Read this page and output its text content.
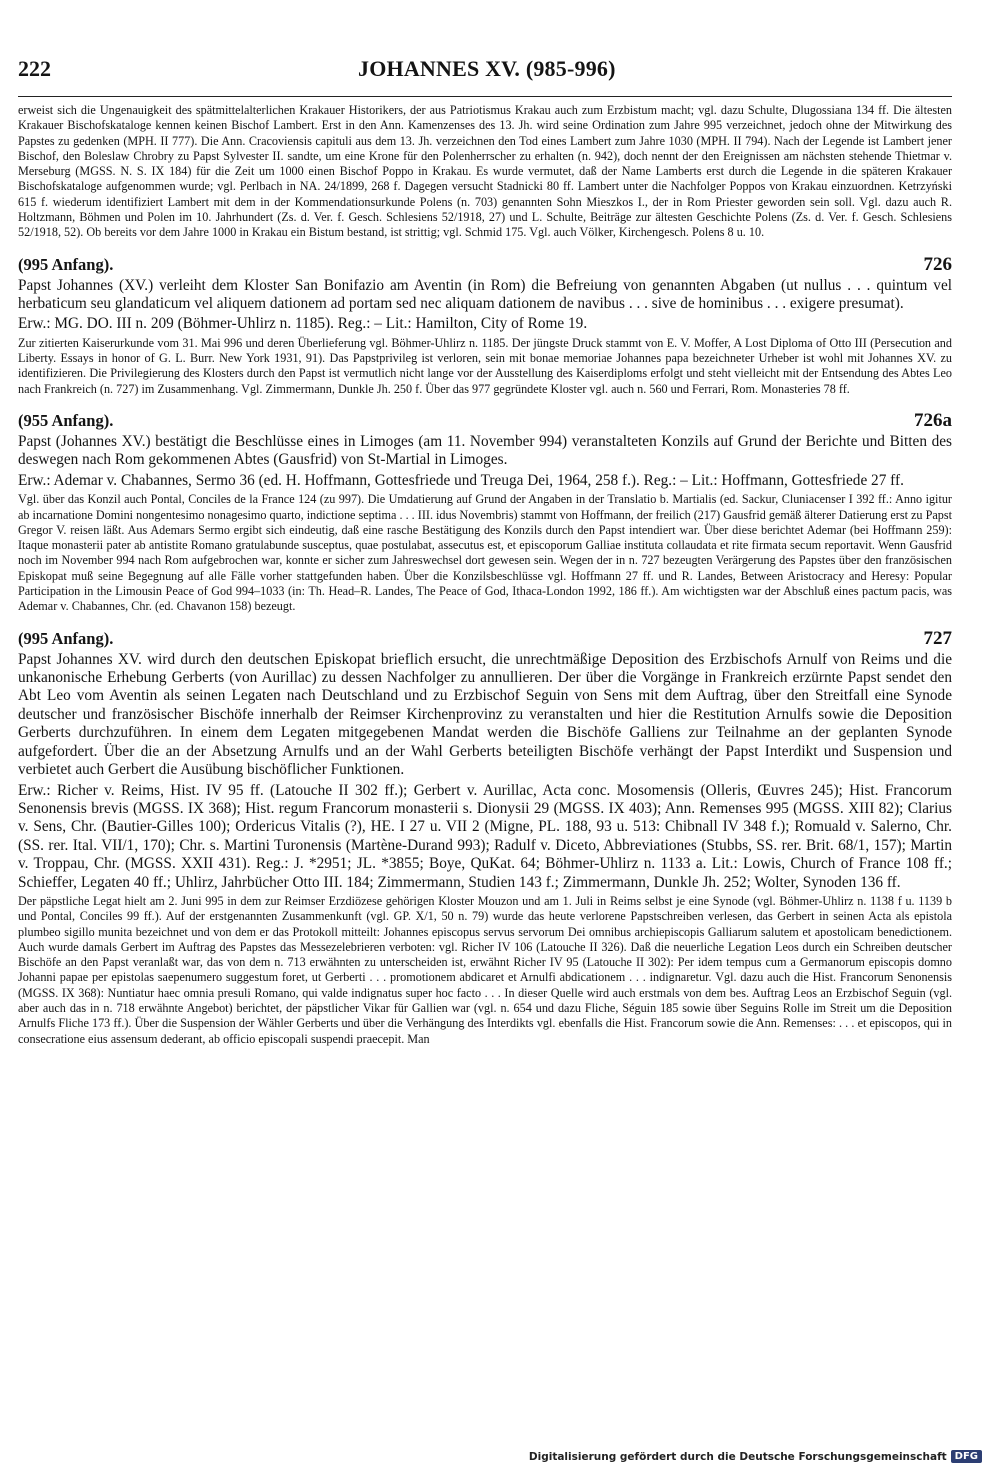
222	JOHANNES XV. (985-996)

erweist sich die Ungenauigkeit des spätmittelalterlichen Krakauer Historikers, der aus Patriotismus Krakau auch zum Erzbistum macht; vgl. dazu Schulte, Dlugossiana 134 ff. Die ältesten Krakauer Bischofskataloge kennen keinen Bischof Lambert. Erst in den Ann. Kamenzenses des 13. Jh. wird seine Ordination zum Jahre 995 verzeichnet, jedoch ohne der Mitwirkung des Papstes zu gedenken (MPH. II 777). Die Ann. Cracoviensis capituli aus dem 13. Jh. verzeichnen den Tod eines Lambert zum Jahre 1030 (MPH. II 794). Nach der Legende ist Lambert jener Bischof, den Boleslaw Chrobry zu Papst Sylvester II. sandte, um eine Krone für den Polenherrscher zu erhalten (n. 942), doch nennt der den Ereignissen am nächsten stehende Thietmar v. Merseburg (MGSS. N. S. IX 184) für die Zeit um 1000 einen Bischof Poppo in Krakau. Es wurde vermutet, daß der Name Lamberts erst durch die Legende in die späteren Krakauer Bischofskataloge aufgenommen wurde; vgl. Perlbach in NA. 24/1899, 268 f. Dagegen versucht Stadnicki 80 ff. Lambert unter die Nachfolger Poppos von Krakau einzuordnen. Ketrzyński 615 f. wiederum identifiziert Lambert mit dem in der Kommendationsurkunde Polens (n. 703) genannten Sohn Mieszkos I., der in Rom Priester geworden sein soll. Vgl. dazu auch R. Holtzmann, Böhmen und Polen im 10. Jahrhundert (Zs. d. Ver. f. Gesch. Schlesiens 52/1918, 27) und L. Schulte, Beiträge zur ältesten Geschichte Polens (Zs. d. Ver. f. Gesch. Schlesiens 52/1918, 52). Ob bereits vor dem Jahre 1000 in Krakau ein Bistum bestand, ist strittig; vgl. Schmid 175. Vgl. auch Völker, Kirchengesch. Polens 8 u. 10.

(995 Anfang).	726

Papst Johannes (XV.) verleiht dem Kloster San Bonifazio am Aventin (in Rom) die Befreiung von genannten Abgaben (ut nullus . . . quintum vel herbaticum seu glandaticum vel aliquem dationem ad portam sed nec aliquam dationem de navibus . . . sive de hominibus . . . exigere presumat).

Erw.: MG. DO. III n. 209 (Böhmer-Uhlirz n. 1185). Reg.: – Lit.: Hamilton, City of Rome 19.

Zur zitierten Kaiserurkunde vom 31. Mai 996 und deren Überlieferung vgl. Böhmer-Uhlirz n. 1185. Der jüngste Druck stammt von E. V. Moffer, A Lost Diploma of Otto III (Persecution and Liberty. Essays in honor of G. L. Burr. New York 1931, 91). Das Papstprivileg ist verloren, sein mit bonae memoriae Johannes papa bezeichneter Urheber ist wohl mit Johannes XV. zu identifizieren. Die Privilegierung des Klosters durch den Papst ist vermutlich nicht lange vor der Ausstellung des Kaiserdiploms erfolgt und steht vielleicht mit der Entsendung des Abtes Leo nach Frankreich (n. 727) im Zusammenhang. Vgl. Zimmermann, Dunkle Jh. 250 f. Über das 977 gegründete Kloster vgl. auch n. 560 und Ferrari, Rom. Monasteries 78 ff.

(955 Anfang).	726a

Papst (Johannes XV.) bestätigt die Beschlüsse eines in Limoges (am 11. November 994) veranstalteten Konzils auf Grund der Berichte und Bitten des deswegen nach Rom gekommenen Abtes (Gausfrid) von St-Martial in Limoges.

Erw.: Ademar v. Chabannes, Sermo 36 (ed. H. Hoffmann, Gottesfriede und Treuga Dei, 1964, 258 f.). Reg.: – Lit.: Hoffmann, Gottesfriede 27 ff.

Vgl. über das Konzil auch Pontal, Conciles de la France 124 (zu 997). Die Umdatierung auf Grund der Angaben in der Translatio b. Martialis (ed. Sackur, Cluniacenser I 392 ff.: Anno igitur ab incarnatione Domini nongentesimo nonagesimo quarto, indictione septima . . . III. idus Novembris) stammt von Hoffmann, der freilich (217) Gausfrid gemäß älterer Datierung erst zu Papst Gregor V. reisen läßt. Aus Ademars Sermo ergibt sich eindeutig, daß eine rasche Bestätigung des Konzils durch den Papst intendiert war. Über diese berichtet Ademar (bei Hoffmann 259): Itaque monasterii pater ab antistite Romano gratulabunde susceptus, quae postulabat, assecutus est, et episcoporum Galliae instituta collaudata et rite firmata secum reportavit. Wenn Gausfrid noch im November 994 nach Rom aufgebrochen war, konnte er sicher zum Jahreswechsel dort gewesen sein. Wegen der in n. 727 bezeugten Verärgerung des Papstes über den französischen Episkopat muß seine Begegnung auf alle Fälle vorher stattgefunden haben. Über die Konzilsbeschlüsse vgl. Hoffmann 27 ff. und R. Landes, Between Aristocracy and Heresy: Popular Participation in the Limousin Peace of God 994–1033 (in: Th. Head–R. Landes, The Peace of God, Ithaca-London 1992, 186 ff.). Am wichtigsten war der Abschluß eines pactum pacis, was Ademar v. Chabannes, Chr. (ed. Chavanon 158) bezeugt.

(995 Anfang).	727

Papst Johannes XV. wird durch den deutschen Episkopat brieflich ersucht, die unrechtmäßige Deposition des Erzbischofs Arnulf von Reims und die unkanonische Erhebung Gerberts (von Aurillac) zu dessen Nachfolger zu annullieren. Der über die Vorgänge in Frankreich erzürnte Papst sendet den Abt Leo vom Aventin als seinen Legaten nach Deutschland und zu Erzbischof Seguin von Sens mit dem Auftrag, über den Streitfall eine Synode deutscher und französischer Bischöfe innerhalb der Reimser Kirchenprovinz zu veranstalten und hier die Restitution Arnulfs sowie die Deposition Gerberts durchzuführen. In einem dem Legaten mitgegebenen Mandat werden die Bischöfe Galliens zur Teilnahme an der geplanten Synode aufgefordert. Über die an der Absetzung Arnulfs und an der Wahl Gerberts beteiligten Bischöfe verhängt der Papst Interdikt und Suspension und verbietet auch Gerbert die Ausübung bischöflicher Funktionen.

Erw.: Richer v. Reims, Hist. IV 95 ff. (Latouche II 302 ff.); Gerbert v. Aurillac, Acta conc. Mosomensis (Olleris, Œuvres 245); Hist. Francorum Senonensis brevis (MGSS. IX 368); Hist. regum Francorum monasterii s. Dionysii 29 (MGSS. IX 403); Ann. Remenses 995 (MGSS. XIII 82); Clarius v. Sens, Chr. (Bautier-Gilles 100); Ordericus Vitalis (?), HE. I 27 u. VII 2 (Migne, PL. 188, 93 u. 513: Chibnall IV 348 f.); Romuald v. Salerno, Chr. (SS. rer. Ital. VII/1, 170); Chr. s. Martini Turonensis (Martène-Durand 993); Radulf v. Diceto, Abbreviationes (Stubbs, SS. rer. Brit. 68/1, 157); Martin v. Troppau, Chr. (MGSS. XXII 431). Reg.: J. *2951; JL. *3855; Boye, QuKat. 64; Böhmer-Uhlirz n. 1133 a. Lit.: Lowis, Church of France 108 ff.; Schieffer, Legaten 40 ff.; Uhlirz, Jahrbücher Otto III. 184; Zimmermann, Studien 143 f.; Zimmermann, Dunkle Jh. 252; Wolter, Synoden 136 ff.

Der päpstliche Legat hielt am 2. Juni 995 in dem zur Reimser Erzdiözese gehörigen Kloster Mouzon und am 1. Juli in Reims selbst je eine Synode (vgl. Böhmer-Uhlirz n. 1138 f u. 1139 b und Pontal, Conciles 99 ff.). Auf der erstgenannten Zusammenkunft (vgl. GP. X/1, 50 n. 79) wurde das heute verlorene Papstschreiben verlesen, das Gerbert in seinen Acta als epistola plumbeo sigillo munita bezeichnet und von dem er das Protokoll mitteilt: Johannes episcopus servus servorum Dei omnibus archiepiscopis Galliarum salutem et apostolicam benedictionem. Auch wurde damals Gerbert im Auftrag des Papstes das Messezelebrieren verboten: vgl. Richer IV 106 (Latouche II 326). Daß die neuerliche Legation Leos durch ein Schreiben deutscher Bischöfe an den Papst veranlaßt war, das von dem n. 713 erwähnten zu unterscheiden ist, erwähnt Richer IV 95 (Latouche II 302): Per idem tempus cum a Germanorum episcopis domno Johanni papae per epistolas saepenumero suggestum foret, ut Gerberti . . . promotionem abdicaret et Arnulfi abdicationem . . . indignaretur. Vgl. dazu auch die Hist. Francorum Senonensis (MGSS. IX 368): Nuntiatur haec omnia presuli Romano, qui valde indignatus super hoc facto . . . In dieser Quelle wird auch erstmals von dem bes. Auftrag Leos an Erzbischof Seguin (vgl. aber auch das in n. 718 erwähnte Angebot) berichtet, der päpstlicher Vikar für Gallien war (vgl. n. 654 und dazu Fliche, Séguin 185 sowie über Seguins Rolle im Streit um die Deposition Arnulfs Fliche 173 ff.). Über die Suspension der Wähler Gerberts und über die Verhängung des Interdikts vgl. ebenfalls die Hist. Francorum sowie die Ann. Remenses: . . . et episcopos, qui in consecratione eius assensum dederant, ab officio episcopali suspendi praecepit. Man

Digitalisierung gefördert durch die Deutsche Forschungsgemeinschaft DFG
